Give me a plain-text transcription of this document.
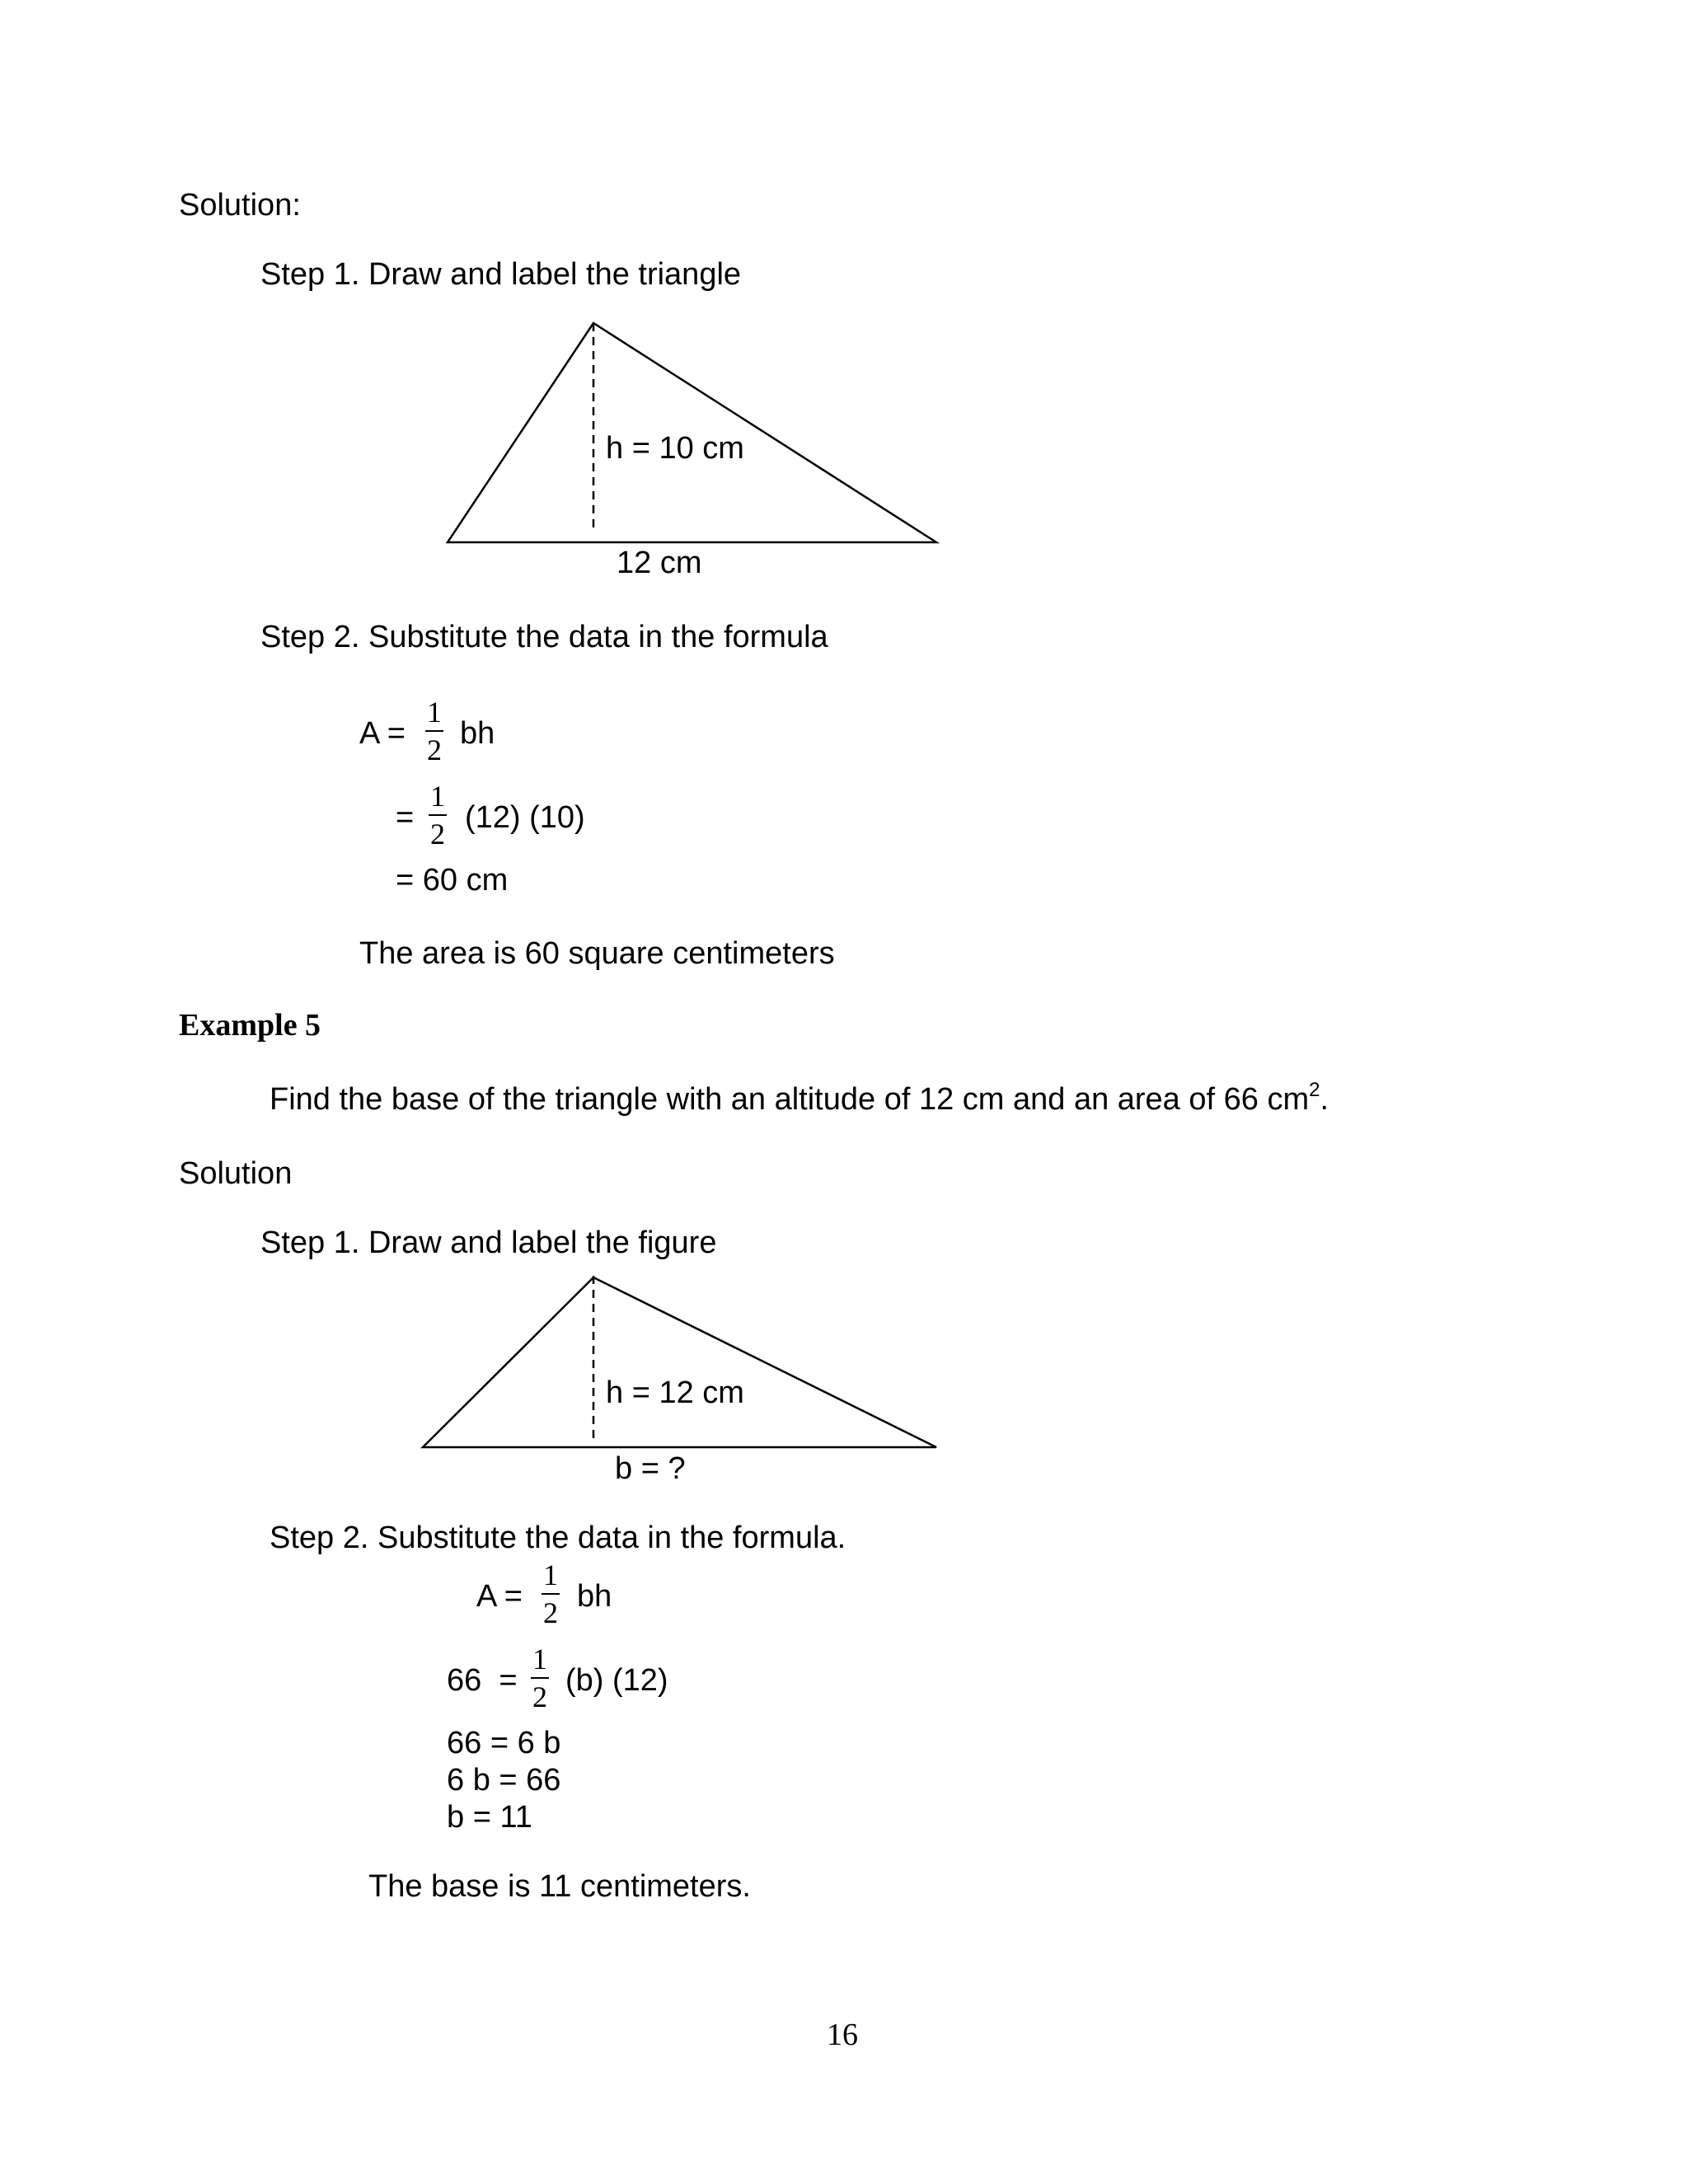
Solution:
Step 1. Draw and label the triangle
h = 10 cm
12 cm
Step 2. Substitute the data in the formula
A =
1
2 bh
=
1
2 (12) (10)
= 60 cm
The area is 60 square centimeters
Example 5
Find the base of the triangle with an altitude of 12 cm and an area of 66 $cm^2$.
Solution
Step 1. Draw and label the figure
h = 12 cm
b = ?
Step 2. Substitute the data in the formula.
A =
1
2 bh
66  =
1
2 (b) (12)
66 = 6 b
6 b = 66
b = 11
The base is 11 centimeters.
16
